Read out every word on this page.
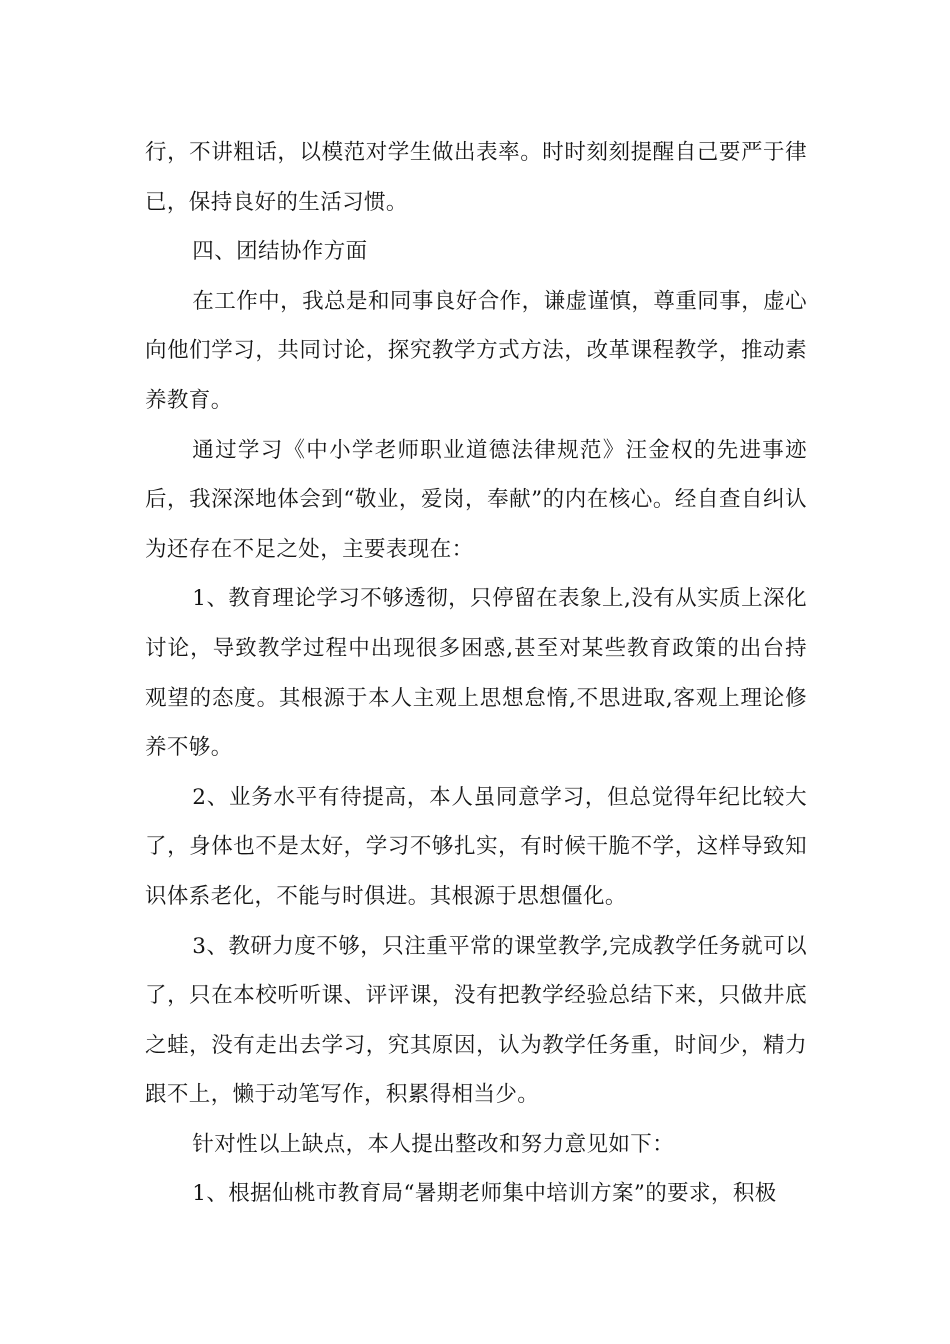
行，不讲粗话，以模范对学生做出表率。时时刻刻提醒自己要严于律已，保持良好的生活习惯。

四、团结协作方面

在工作中，我总是和同事良好合作，谦虚谨慎，尊重同事，虚心向他们学习，共同讨论，探究教学方式方法，改革课程教学，推动素养教育。

通过学习《中小学老师职业道德法律规范》汪金权的先进事迹后，我深深地体会到“敬业，爱岗，奉献”的内在核心。经自查自纠认为还存在不足之处，主要表现在：

1、教育理论学习不够透彻，只停留在表象上,没有从实质上深化讨论，导致教学过程中出现很多困惑,甚至对某些教育政策的出台持观望的态度。其根源于本人主观上思想怠惰,不思进取,客观上理论修养不够。

2、业务水平有待提高，本人虽同意学习，但总觉得年纪比较大了，身体也不是太好，学习不够扎实，有时候干脆不学，这样导致知识体系老化，不能与时俱进。其根源于思想僵化。

3、教研力度不够，只注重平常的课堂教学,完成教学任务就可以了，只在本校听听课、评评课，没有把教学经验总结下来，只做井底之蛙，没有走出去学习，究其原因，认为教学任务重，时间少，精力跟不上，懒于动笔写作，积累得相当少。

针对性以上缺点，本人提出整改和努力意见如下：

1、根据仙桃市教育局“暑期老师集中培训方案”的要求，积极
